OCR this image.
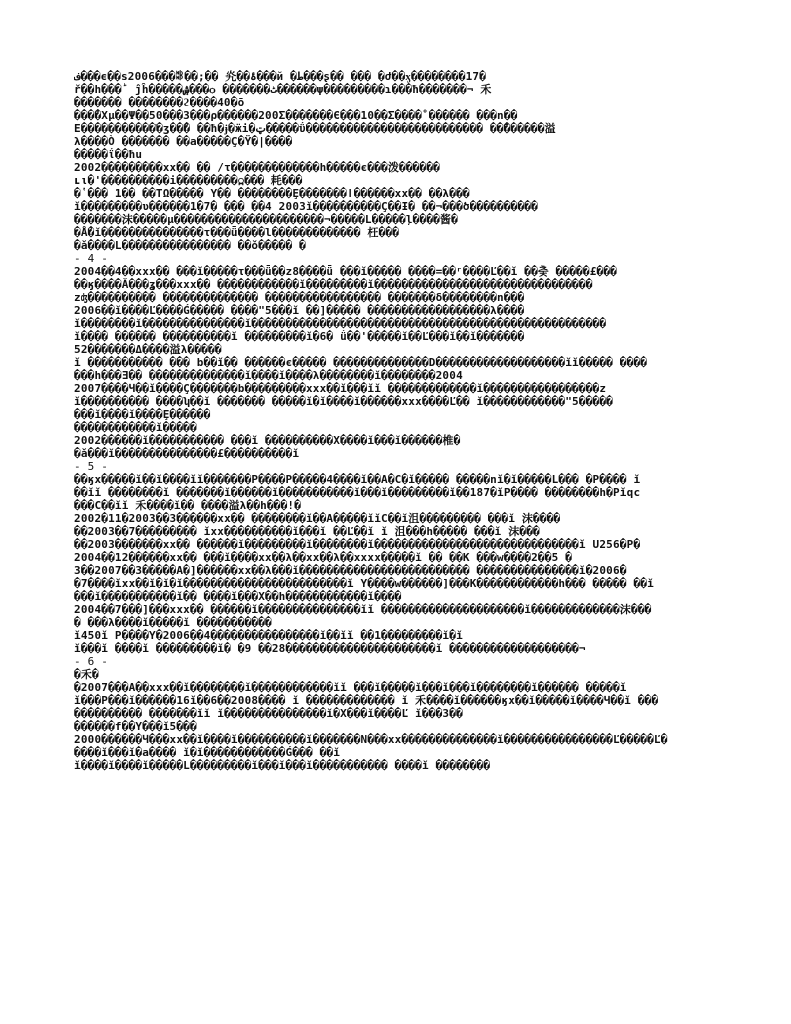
ف���ϵ��s2006���ꄀ��;�� 㶢��ۀ���й �ﻁ���ʂ�� ��� �ժ��ӽ��������17�
ř��h���ؕ ĵĥ�����ۺ���ѻ �������ٹ������ψ���������ɿ���ħ�������¬ 禾
������� ��������ϩ����40�ō
���̆�Xµ��Ψ��50���3���ρ������200Σ�������Є���10��Σ����̊ ������ ���n��
Ε�����������ֿ�ʒ��̋� ��ħ�ɉ�ӝi�ټ�����ΰ�������������������������� ��̄������溢
λ����Ò ������� ��a�����Ç�Ÿ�|����
�����ΐ��ħu
2002���������xx�� �� /τ�������������h�����є���泼������
ʟι�'����������i���������߽��� 耗���
�ʽ��� 1�� ��ΤΩ����� Y�� ��������Ȩ�������ǀ������xx�� ��λ���
ǐ���������ʋ������1�7� ��� ��4 2003ǐ����������Ç��Ɨ� ��¬���ծ����������
�������沫�����μ����������������������¬�����L�����ļ����酱�
�Ǻ�ǐ���������������τ���ǖ����l������������� 枉���
�ǎ����L���������������� ��ǒ����� �
- 4 -
2004��4��xxx�� ���ǐ�����τ���ǖ��z8����ǖ ���ǐ����� ����=��ʳ����Ľ��ǐ ��춪 �����£���
��ӄ����Ǎ���ʓ���xxx�� ������������ǐ���������ǐ��������������������������������
zʤ���������� �������������� ����������������� �������δ��������n���
2006��ǐ����Ľ����Ǵ����� ����"5���ǐ ��]����� ������������������λ����
ǐ��������ǐ���������������ǐ����������������������������������������������������
ǐ���� ������ ����������ǐ ���������ǐ�6� ǘ��'�����ǐ��Ľ���ǐ��ǐ�������
52�������Δ����溢λ�����
ǐ ����������� ��� b��ǐ�� ������є����� ��������������D�������������������ǐǐ����� ����
���h���Ǝ�� ��������������ǐ����ǐ����λ��������ǐ��������2004
2007����Ч��ǐ����Ç�������b���������xxx��ǐ���ǐǐ �������������ǐ�����������������z
ǐ���������� ����ʮ��ǐ ������� �����ǐ�ǐ����ǐ������xxx����Ľ�� ǐ������������"5�����
���ǐ����ǐ����Ȩ������
������������ǐ�����
2002������ǐ����������� ���ǐ ����������X����ǐ���ǐ������椎�
�ǎ���ǐ���������������£����������ǐ
- 5 -
��ӄx�����ǐ��ǐ����ǐǐ�������P����P�����4����ǐ��A�C�ǐ����� �����nǐ�ǐ�����L��� �P���� ǐ
��ǐǐ ��������ǐ �������ǐ������ǐ�����������ǐ���ǐ���������ǐ��187�ǐP���� ��������h�Pǐqc
���C��ǐǐ 禾����ǐ�� ����溢λ��h���!�
2002�11�2003��3������xx�� ��������ǐ��A�����ǐǐC��ǐ沮��������� ���ǐ 沫����
��2003��7��������� ǐxx����������ǐ���ǐ ��Ľ��ǐ ǐ 沮���h����� ���ǐ 沫���
��2003�������xx�� ������ǐ���������ǐ��������ǐ������������������������������ǐ U256�P�
2004��12������xx�� ���ǐ����xx��λ��xx��λ��xxxx�����ǐ �� ��K ���w����2��5 �
3��2007��3�����A�]������xx��λ���ǐ������������������������� ���������������ǐ�2006�
�7����ǐxx��ǐ�ǐ�ǐ������������������������ǐ Y����w������]���K������������h��� ����� ��ǐ
���ǐ�����������ǐ�� ����ǐ���X��h������������ǐ����
2004��7���]���xxx�� ������ǐ���������������ǐǐ ���������������������ǐ�������������沫���
� ���λ����ǐ�����ǐ �����������
ǐ450ǐ P����Y�2006��4����������������ǐ��ǐǐ ��1���������ǐ�ǐ
ǐ���ǐ ����ǐ ���������ǐ� �9 ��28����������������������ǐ �������������������¬
- 6 -
�禾�
�2007���A��xxx��ǐ��������ǐ������������ǐǐ ���ǐ�����ǐ���ǐ���ǐ��������ǐ������ �����ǐ
ǐ���P���ǐ������16ǐ��6��2008���� ǐ ������������� ǐ 禾����ǐ������ӄx��ǐ�����ǐ����Ч��ǐ ���
���������� �������ǐǐ ǐ���������������ǐ�X���ǐ����Ľ ǐ���3��
������f��Y���ǐ5���
2000������Ч���xx��ǐ����ǐ����������ǐ�������N���xx��������������ǐ����������������Ľ�����Ľ�
����ǐ���ǐ�a���� ǐ�ǐ������������Ǵ��� ��ǐ
ǐ����ǐ����ǐ�����L���������ǐ���ǐ���ǐ����������� ����ǐ ��������
